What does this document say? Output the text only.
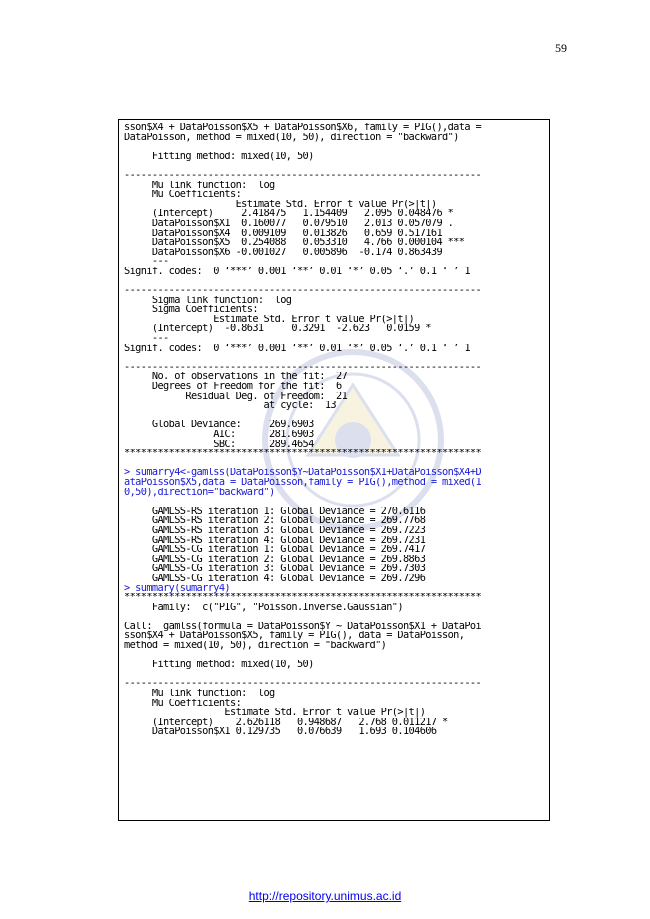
59
sson$X4 + DataPoisson$X5 + DataPoisson$X6, family = PIG(),data =
DataPoisson, method = mixed(10, 50), direction = "backward")
Fitting method: mixed(10, 50)
----------------------------------------------------------------
Mu link function:  log
Mu Coefficients:
Estimate Std. Error t value Pr(>|t|)
(Intercept)     2.418475   1.154409   2.095 0.048476 *
DataPoisson$X1  0.160077   0.079510   2.013 0.057079 .
DataPoisson$X4  0.009109   0.013826   0.659 0.517161
DataPoisson$X5  0.254088   0.053310   4.766 0.000104 ***
DataPoisson$X6 -0.001027   0.005896  -0.174 0.863439
---
Signif. codes:  0 ‘***’ 0.001 ‘**’ 0.01 ‘*’ 0.05 ‘.’ 0.1 ‘ ’ 1
----------------------------------------------------------------
Sigma link function:  log
Sigma Coefficients:
Estimate Std. Error t value Pr(>|t|)
(Intercept)  -0.8631     0.3291  -2.623   0.0159 *
---
Signif. codes:  0 ‘***’ 0.001 ‘**’ 0.01 ‘*’ 0.05 ‘.’ 0.1 ‘ ’ 1
----------------------------------------------------------------
No. of observations in the fit:  27
Degrees of Freedom for the fit:  6
Residual Deg. of Freedom:  21
at cycle:  13
Global Deviance:     269.6903
AIC:      281.6903
SBC:      289.4654
****************************************************************
> sumarry4<-gamlss(DataPoisson$Y~DataPoisson$X1+DataPoisson$X4+D
ataPoisson$X5,data = DataPoisson,family = PIG(),method = mixed(1
0,50),direction="backward")
GAMLSS-RS iteration 1: Global Deviance = 270.6116
GAMLSS-RS iteration 2: Global Deviance = 269.7768
GAMLSS-RS iteration 3: Global Deviance = 269.7223
GAMLSS-RS iteration 4: Global Deviance = 269.7231
GAMLSS-CG iteration 1: Global Deviance = 269.7417
GAMLSS-CG iteration 2: Global Deviance = 269.8863
GAMLSS-CG iteration 3: Global Deviance = 269.7303
GAMLSS-CG iteration 4: Global Deviance = 269.7296
> summary(sumarry4)
****************************************************************
Family:  c("PIG", "Poisson.Inverse.Gaussian")
Call:  gamlss(formula = DataPoisson$Y ~ DataPoisson$X1 + DataPoi
sson$X4 + DataPoisson$X5, family = PIG(), data = DataPoisson,
method = mixed(10, 50), direction = "backward")
Fitting method: mixed(10, 50)
----------------------------------------------------------------
Mu link function:  log
Mu Coefficients:
Estimate Std. Error t value Pr(>|t|)
(Intercept)    2.626118   0.948687   2.768 0.011217 *
DataPoisson$X1 0.129735   0.076639   1.693 0.104606
http://repository.unimus.ac.id
